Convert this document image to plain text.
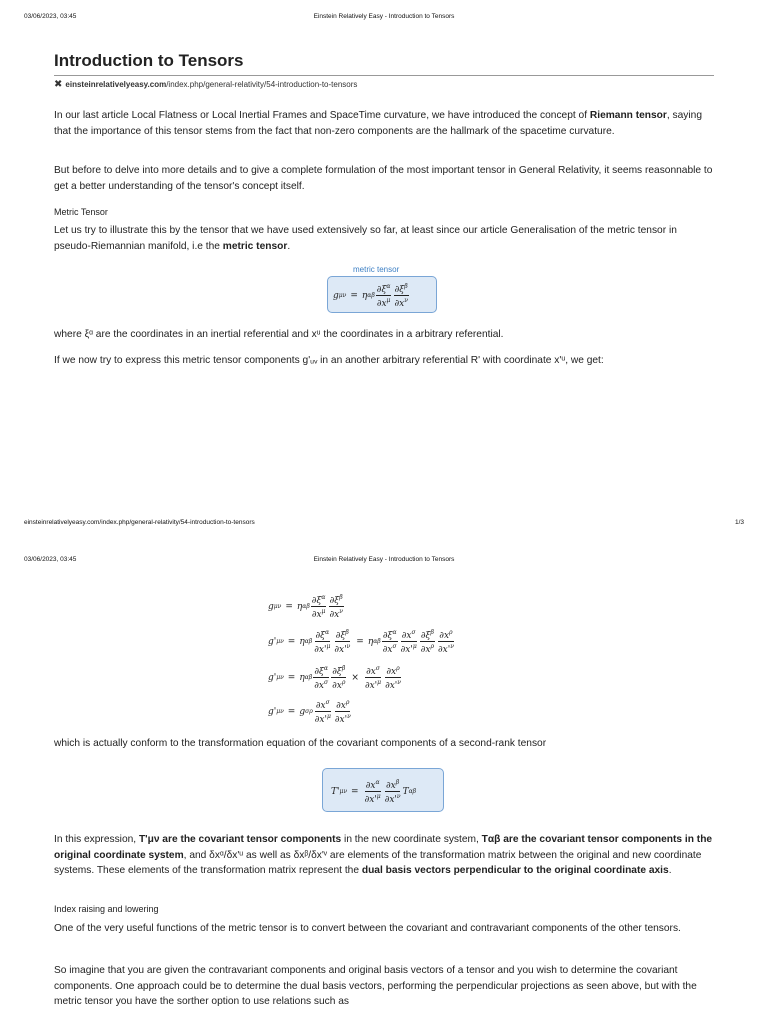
03/06/2023, 03:45	Einstein Relatively Easy - Introduction to Tensors
Introduction to Tensors
✖ einsteinrelativelyeasy.com/index.php/general-relativity/54-introduction-to-tensors

In our last article Local Flatness or Local Inertial Frames and SpaceTime curvature, we have introduced the concept of Riemann tensor, saying that the importance of this tensor stems from the fact that non-zero components are the hallmark of the spacetime curvature.

But before to delve into more details and to give a complete formulation of the most important tensor in General Relativity, it seems reasonnable to get a better understanding of the tensor's concept itself.

Metric Tensor

Let us try to illustrate this by the tensor that we have used extensively so far, at least since our article Generalisation of the metric tensor in pseudo-Riemannian manifold, i.e the metric tensor.

metric tensor
g μν = η αβ $\frac{\partial\xi^\alpha}{\partial x^\mu} \frac{\partial\xi^\beta}{\partial x^\nu}$

where ξᵅ are the coordinates in an inertial referential and xᵘ the coordinates in a arbitrary referential.

If we now try to express this metric tensor components g'ᵤᵥ in an another arbitrary referential R' with coordinate x'ᵘ, we get:

einsteinrelativelyeasy.com/index.php/general-relativity/54-introduction-to-tensors	1/3
03/06/2023, 03:45	Einstein Relatively Easy - Introduction to Tensors
g μν = η αβ $\frac{\partial\xi^\alpha}{\partial x^\mu} \frac{\partial\xi^\beta}{\partial x^\nu}$
g' μν = η αβ $\frac{\partial\xi^\alpha}{\partial x'^\mu} \frac{\partial\xi^\beta}{\partial x'^\nu} = \eta$ αβ $\frac{\partial\xi^\alpha}{\partial x^\sigma} \frac{\partial x^\sigma}{\partial x'^\mu} \frac{\partial\xi^\beta}{\partial x^\rho} \frac{\partial x^\rho}{\partial x'^\nu}$
g' μν = η αβ $\frac{\partial\xi^\alpha}{\partial x^\sigma} \frac{\partial\xi^\beta}{\partial x^\rho} \times \frac{\partial x^\sigma}{\partial x'^\mu} \frac{\partial x^\rho}{\partial x'^\nu}$
g' μν = g σρ $\frac{\partial x^\sigma}{\partial x'^\mu} \frac{\partial x^\rho}{\partial x'^\nu}$

which is actually conform to the transformation equation of the covariant components of a second-rank tensor

T' $\mu\nu = \frac{\partial x^\alpha}{\partial x'^\mu} \frac{\partial x^\beta}{\partial x'^\nu}$ T αβ

In this expression, T'μν are the covariant tensor components in the new coordinate system, Tαβ are the covariant tensor components in the original coordinate system, and δxᵅ/δx'ᵘ as well as δxᵝ/δx'ᵛ are elements of the transformation matrix between the original and new coordinate systems. These elements of the transformation matrix represent the dual basis vectors perpendicular to the original coordinate axis.

Index raising and lowering

One of the very useful functions of the metric tensor is to convert between the covariant and contravariant components of the other tensors.

So imagine that you are given the contravariant components and original basis vectors of a tensor and you wish to determine the covariant components. One approach could be to determine the dual basis vectors, performing the perpendicular projections as seen above, but with the metric tensor you have the sorther option to use relations such as
